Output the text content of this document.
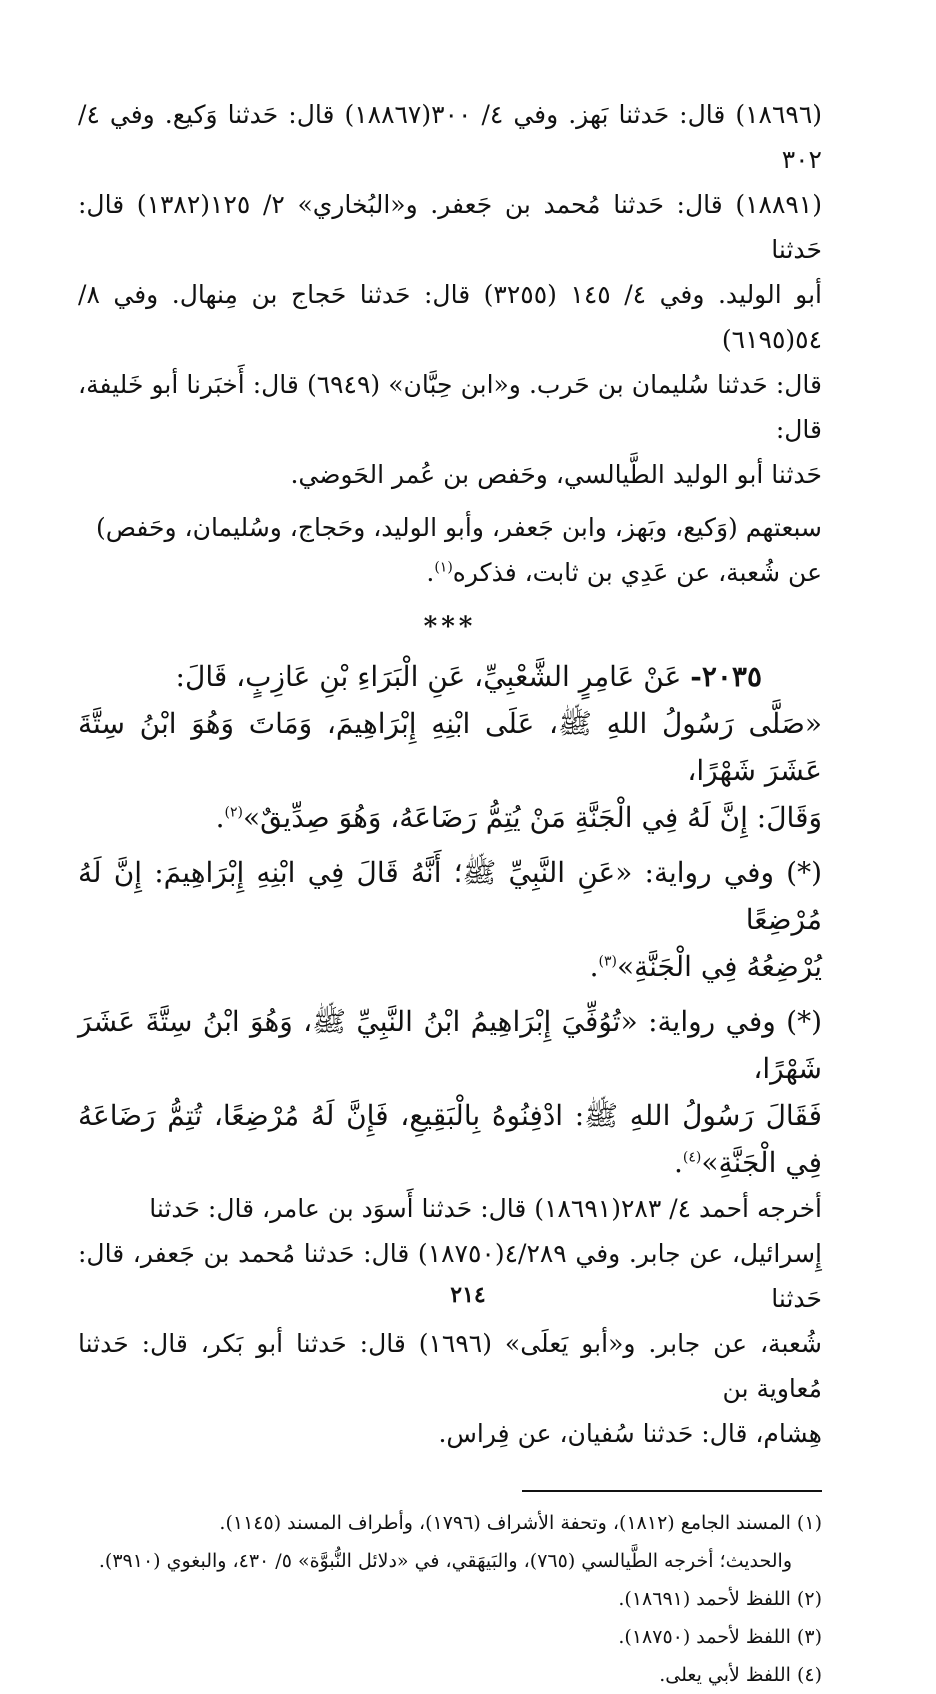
(١٨٦٩٦) قال: حَدثنا بَهز. وفي ٤/ ٣٠٠(١٨٨٦٧) قال: حَدثنا وَكيع. وفي ٤/ ٣٠٢

(١٨٨٩١) قال: حَدثنا مُحمد بن جَعفر. و«البُخاري» ٢/ ١٢٥(١٣٨٢) قال: حَدثنا

أبو الوليد. وفي ٤/ ١٤٥ (٣٢٥٥) قال: حَدثنا حَجاج بن مِنهال. وفي ٨/ ٥٤(٦١٩٥)

قال: حَدثنا سُليمان بن حَرب. و«ابن حِبَّان» (٦٩٤٩) قال: أَخبَرنا أبو خَليفة، قال:

حَدثنا أبو الوليد الطَّيالسي، وحَفص بن عُمر الحَوضي.

سبعتهم (وَكيع، وبَهز، وابن جَعفر، وأبو الوليد، وحَجاج، وسُليمان، وحَفص)

عن شُعبة، عن عَدِي بن ثابت، فذكره$^{(١)}$.

***

٢٠٣٥- عَنْ عَامِرٍ الشَّعْبِيِّ، عَنِ الْبَرَاءِ بْنِ عَازِبٍ، قَالَ:

«صَلَّى رَسُولُ اللهِ ﷺ، عَلَى ابْنِهِ إِبْرَاهِيمَ، وَمَاتَ وَهُوَ ابْنُ سِتَّةَ عَشَرَ شَهْرًا،

وَقَالَ: إِنَّ لَهُ فِي الْجَنَّةِ مَنْ يُتِمُّ رَضَاعَهُ، وَهُوَ صِدِّيقٌ»$^{(٢)}$.

(*) وفي رواية: «عَنِ النَّبِيِّ ﷺ؛ أَنَّهُ قَالَ فِي ابْنِهِ إِبْرَاهِيمَ: إِنَّ لَهُ مُرْضِعًا

يُرْضِعُهُ فِي الْجَنَّةِ»$^{(٣)}$.

(*) وفي رواية: «تُوُفِّيَ إِبْرَاهِيمُ ابْنُ النَّبِيِّ ﷺ، وَهُوَ ابْنُ سِتَّةَ عَشَرَ شَهْرًا،

فَقَالَ رَسُولُ اللهِ ﷺ: ادْفِنُوهُ بِالْبَقِيعِ، فَإِنَّ لَهُ مُرْضِعًا، تُتِمُّ رَضَاعَهُ فِي الْجَنَّةِ»$^{(٤)}$.

أخرجه أحمد ٤/ ٢٨٣(١٨٦٩١) قال: حَدثنا أَسوَد بن عامر، قال: حَدثنا

إِسرائيل، عن جابر. وفي ٤/٢٨٩(١٨٧٥٠) قال: حَدثنا مُحمد بن جَعفر، قال: حَدثنا

شُعبة، عن جابر. و«أبو يَعلَى» (١٦٩٦) قال: حَدثنا أبو بَكر، قال: حَدثنا مُعاوية بن

هِشام، قال: حَدثنا سُفيان، عن فِراس.

(١) المسند الجامع (١٨١٢)، وتحفة الأشراف (١٧٩٦)، وأطراف المسند (١١٤٥).

والحديث؛ أخرجه الطَّيالسي (٧٦٥)، والبَيهَقي، في «دلائل النُّبوَّة» ٥/ ٤٣٠، والبغوي (٣٩١٠).

(٢) اللفظ لأحمد (١٨٦٩١).

(٣) اللفظ لأحمد (١٨٧٥٠).

(٤) اللفظ لأبي يعلى.

٢١٤
